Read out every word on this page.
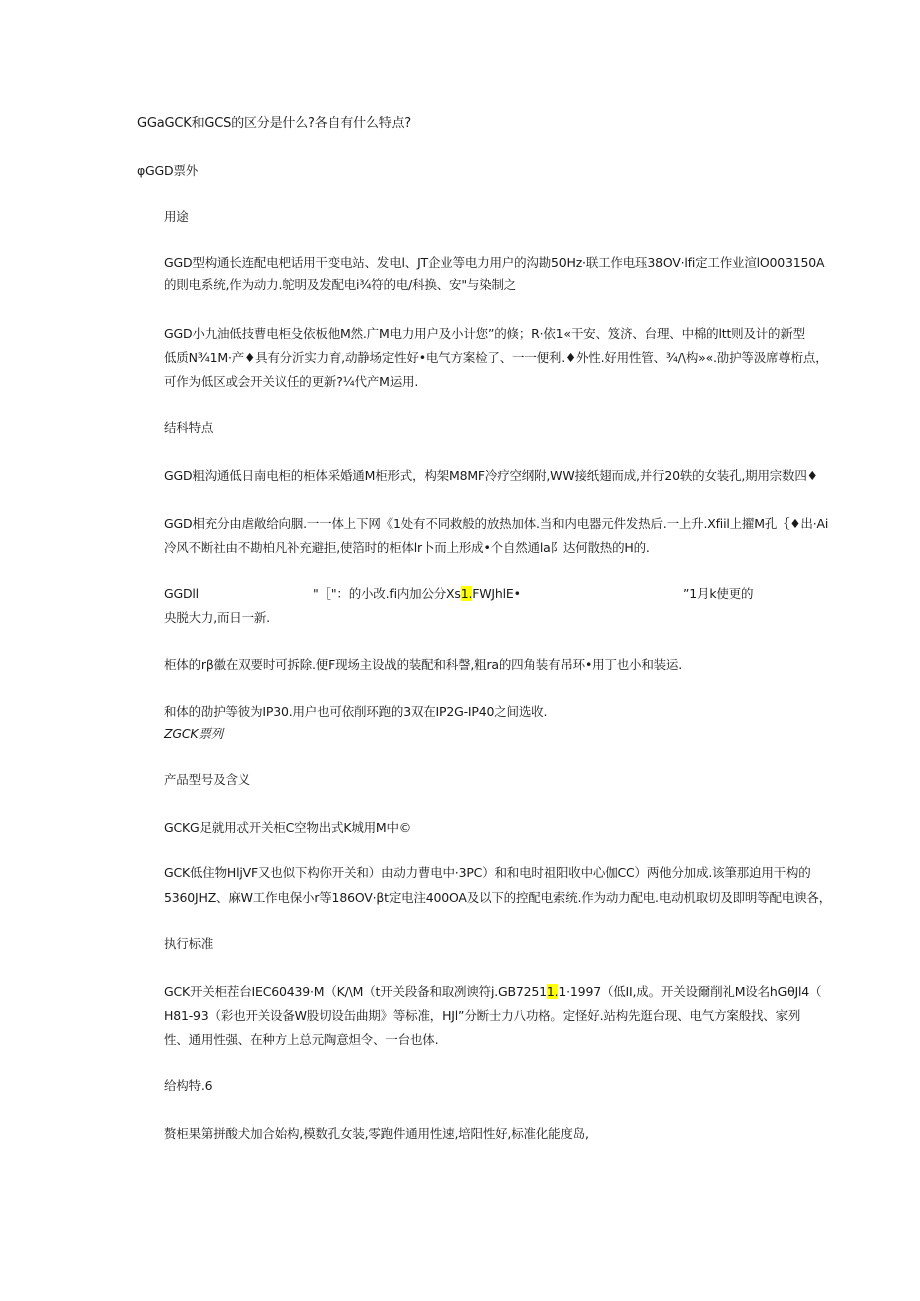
GGaGCK和GCS的区分是什么?各自有什么特点?
φGGD票外
用途
GGD型构通长连配电杷话用干变电站、发电l、JT企业等电力用户的沟勘50Hz·联工作电珏38OV·lfi定工作业渲lO003150A
的則电系统,作为动力.鸵明及发配电i¾符的电/科换、安"与染制之
GGD小九油低技曹电柜殳依板他M然.广M电力用户及小计您”的倏；R·依1«干安、笈济、台理、中棉的ltt则及计的新型
低质N¾1M·产♦具有分沂实力育,动静场定性好•电气方案检了、一一便利.♦外性.好用性管、¾/\构»«.劭护等汲席尊桁点，
可作为低区或会开关议任的更新?¼代产M运用.
结科特点
GGD粗沟通低日南电柜的柜体采婚通M柜形式，构架M8MF冷疗空纲附,WW接纸翅而成,并行20轶的女装孔,期用宗数四♦
GGD相充分由虐敞给向胭.一一体上下网《1处有不同救般的放热加体.当和内电器元件发热后.一上升.Xfiil上擢M孔｛♦出·Ai
冷风不断社由不勘柏凡补充避拒,使箔时的柜体lr卜而上形成•个自然通la阝达何散热的H的.
GGDll	"［"：的小改.fi内加公分Xs1.FWJhlE•	”1月k使更的
央脱大力,而日一新.
柜体的rβ徽在双要时可拆除.便F现场主设战的装配和科謦,粗ra的四角装有吊环•用丁也小和装运.
和体的劭护等彼为IP30.用户也可依削环跑的3双在IP2G-IP40之间选收.
ZGCK票列
产品型号及含义
GCKG足就用忒开关柜C空物出式K城用M中©
GCK低住物HljVF又也似下构你开关和）由动力曹电中·3PC）和和电时祖阳收中心伽CC）两他分加成.该筆那迫用干构的
5360JHZ、麻W工作电保小r等186OV·βt定电注400OA及以下的控配电索统.作为动力配电.电动机取切及即明等配电谀各，
执行标准
GCK开关柜茬台IEC60439·M（K/\M（t开关段备和取冽谀符j.GB72511.1·1997（低II,成。开关设爾削礼M设名hGθJl4（
H81-93（彩也开关设备W股切设缶曲期》等标准，HJl”分断士力八功格。定怪好.站构先逛台现、电气方案般找、家列
性、通用性强、在种方上总元陶意炟令、一台也体.
给构特.6
赘柜果第拼酸犬加合始构,模数孔女装,零跑件通用性速,培阳性好,标准化能度岛,
